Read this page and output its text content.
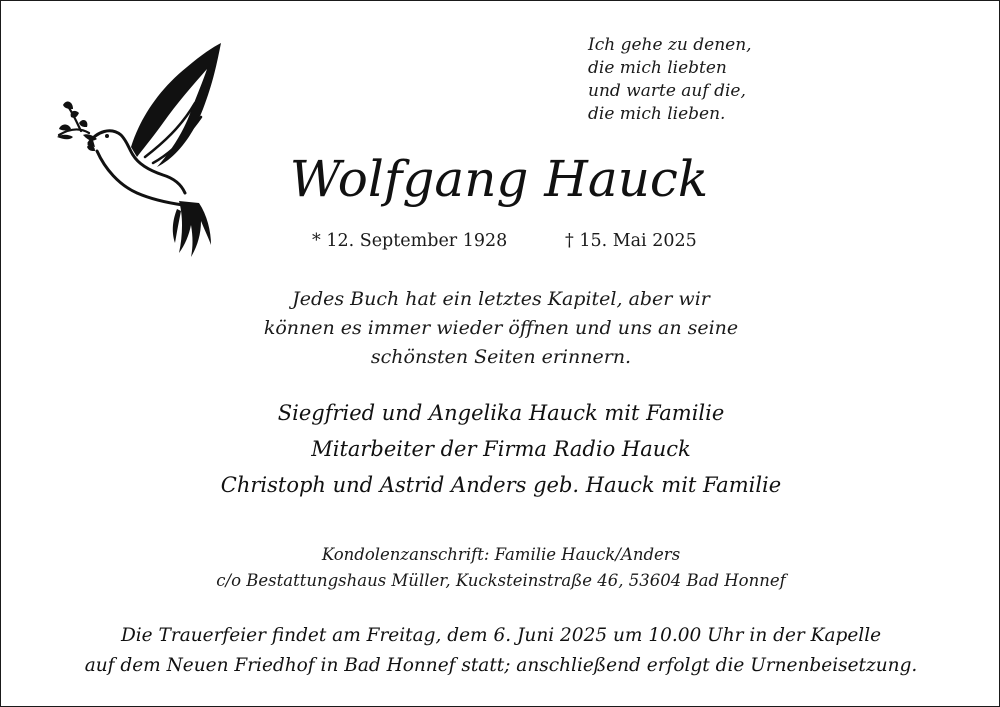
Ich gehe zu denen,
die mich liebten
und warte auf die,
die mich lieben.
Wolfgang Hauck
* 12. September 1928	† 15. Mai 2025
Jedes Buch hat ein letztes Kapitel, aber wir
können es immer wieder öffnen und uns an seine
schönsten Seiten erinnern.
Siegfried und Angelika Hauck mit Familie
Mitarbeiter der Firma Radio Hauck
Christoph und Astrid Anders geb. Hauck mit Familie
Kondolenzanschrift: Familie Hauck/Anders
c/o Bestattungshaus Müller, Kucksteinstraße 46, 53604 Bad Honnef
Die Trauerfeier findet am Freitag, dem 6. Juni 2025 um 10.00 Uhr in der Kapelle
auf dem Neuen Friedhof in Bad Honnef statt; anschließend erfolgt die Urnenbeisetzung.
